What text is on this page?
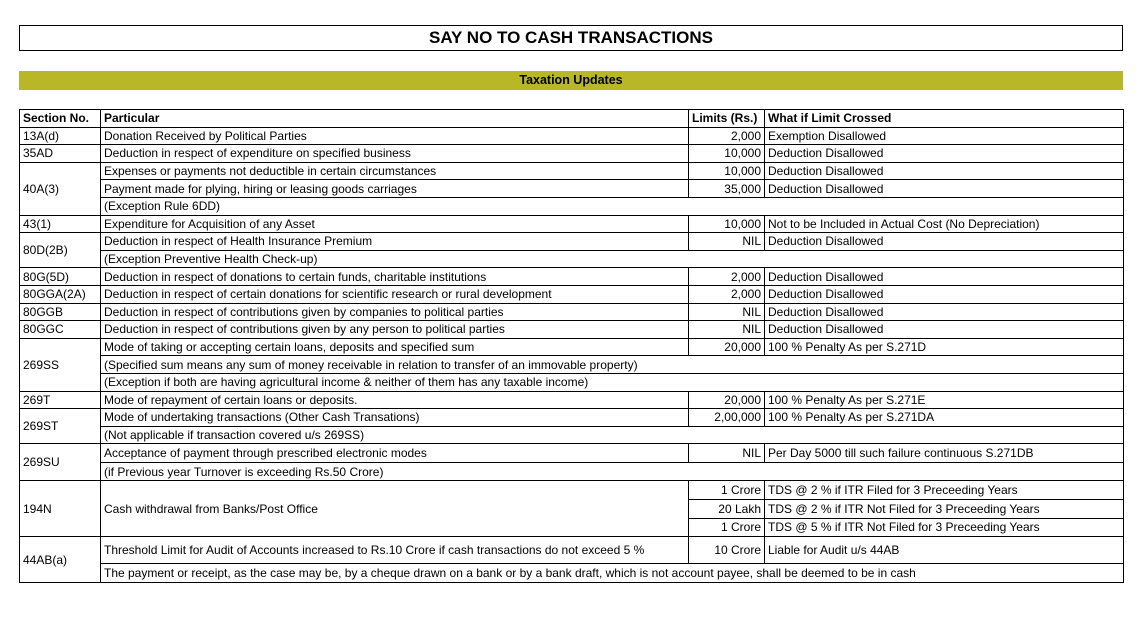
SAY NO TO CASH TRANSACTIONS
Taxation Updates
Section No.	Particular	Limits (Rs.)	What if Limit Crossed
13A(d)	Donation Received by Political Parties	2,000	Exemption Disallowed
35AD	Deduction in respect of expenditure on specified business	10,000	Deduction Disallowed
40A(3)	Expenses or payments not deductible in certain circumstances	10,000	Deduction Disallowed
	Payment made for plying, hiring or leasing goods carriages	35,000	Deduction Disallowed
	(Exception Rule 6DD)		
43(1)	Expenditure for Acquisition of any Asset	10,000	Not to be Included in Actual Cost (No Depreciation)
80D(2B)	Deduction in respect of Health Insurance Premium	NIL	Deduction Disallowed
	(Exception Preventive Health Check-up)		
80G(5D)	Deduction in respect of donations to certain funds, charitable institutions	2,000	Deduction Disallowed
80GGA(2A)	Deduction in respect of certain donations for scientific research or rural development	2,000	Deduction Disallowed
80GGB	Deduction in respect of contributions given by companies to political parties	NIL	Deduction Disallowed
80GGC	Deduction in respect of contributions given by any person to political parties	NIL	Deduction Disallowed
269SS	Mode of taking or accepting certain loans, deposits and specified sum	20,000	100 % Penalty As per S.271D
	(Specified sum means any sum of money receivable in relation to transfer of an immovable property)		
	(Exception if both are having agricultural income & neither of them has any taxable income)		
269T	Mode of repayment of certain loans or deposits.	20,000	100 % Penalty As per S.271E
269ST	Mode of undertaking transactions (Other Cash Transations)	2,00,000	100 % Penalty As per S.271DA
	(Not applicable if transaction covered u/s 269SS)		
269SU	Acceptance of payment through prescribed electronic modes	NIL	Per Day 5000 till such failure continuous S.271DB
	(if Previous year Turnover is exceeding Rs.50 Crore)		
194N	Cash withdrawal from Banks/Post Office	1 Crore	TDS @ 2 % if ITR Filed for 3 Preceeding Years
		20 Lakh	TDS @ 2 % if ITR Not Filed for 3 Preceeding Years
		1 Crore	TDS @ 5 % if ITR Not Filed for 3 Preceeding Years
44AB(a)	Threshold Limit for Audit of Accounts increased to Rs.10 Crore if cash transactions do not exceed 5 %	10 Crore	Liable for Audit u/s 44AB
	The payment or receipt, as the case may be, by a cheque drawn on a bank or by a bank draft, which is not account payee, shall be deemed to be in cash		
